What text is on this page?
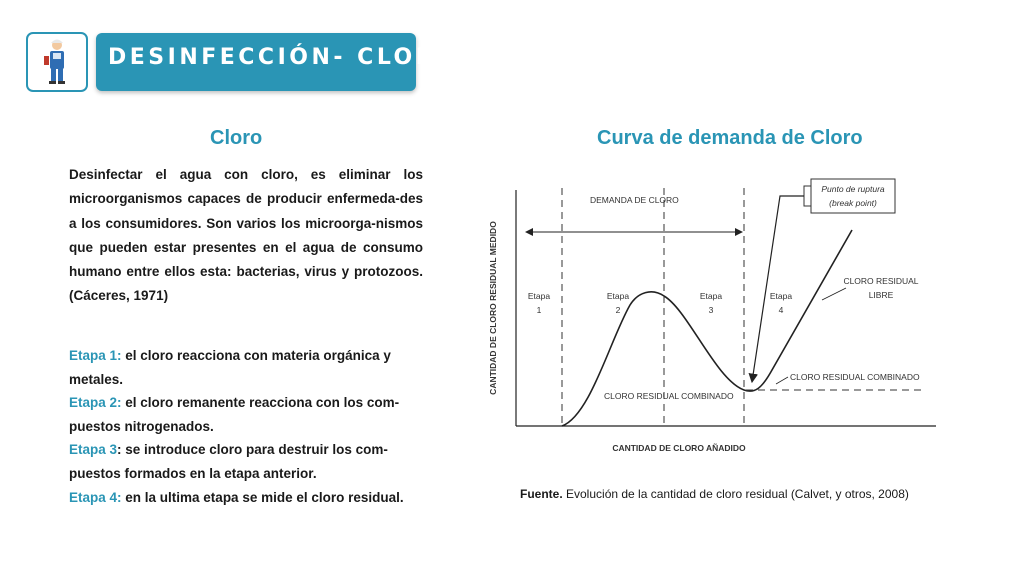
DESINFECCIÓN- CLORO
Cloro
Desinfectar el agua con cloro, es eliminar los microorganismos capaces de producir enfermeda-des a los consumidores. Son varios los microorga-nismos que pueden estar presentes en el agua de consumo humano entre ellos esta: bacterias, virus y protozoos. (Cáceres, 1971)
Etapa 1: el cloro reacciona con materia orgánica y metales.
Etapa 2: el cloro remanente reacciona con los com-puestos nitrogenados.
Etapa 3: se introduce cloro para destruir los com-puestos formados en la etapa anterior.
Etapa 4: en la ultima etapa se mide el cloro residual.
Curva de demanda de Cloro
CANTIDAD DE CLORO RESIDUAL MEDIDO
CANTIDAD DE CLORO AÑADIDO
DEMANDA DE CLORO
Etapa 1
Etapa 2
Etapa 3
Etapa 4
Punto de ruptura
(break point)
CLORO RESIDUAL LIBRE
CLORO RESIDUAL COMBINADO
CLORO RESIDUAL COMBINADO
Fuente. Evolución de la cantidad de cloro residual (Calvet, y otros, 2008)
